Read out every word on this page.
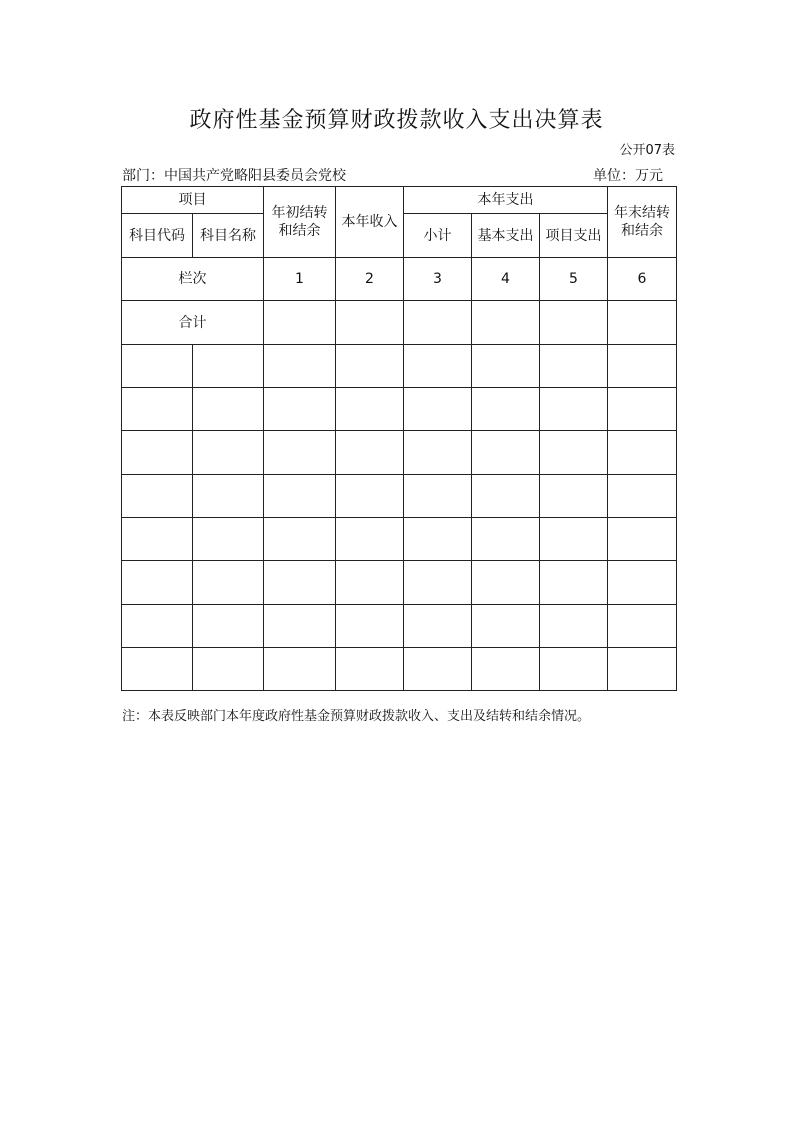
政府性基金预算财政拨款收入支出决算表
公开07表
部门：中国共产党略阳县委员会党校	单位：万元
项目		年初结转和结余	本年收入	本年支出			年末结转和结余

科目代码	科目名称			小计	基本支出	项目支出	
栏次		1	2	3	4	5	6
合计							

注：本表反映部门本年度政府性基金预算财政拨款收入、支出及结转和结余情况。
